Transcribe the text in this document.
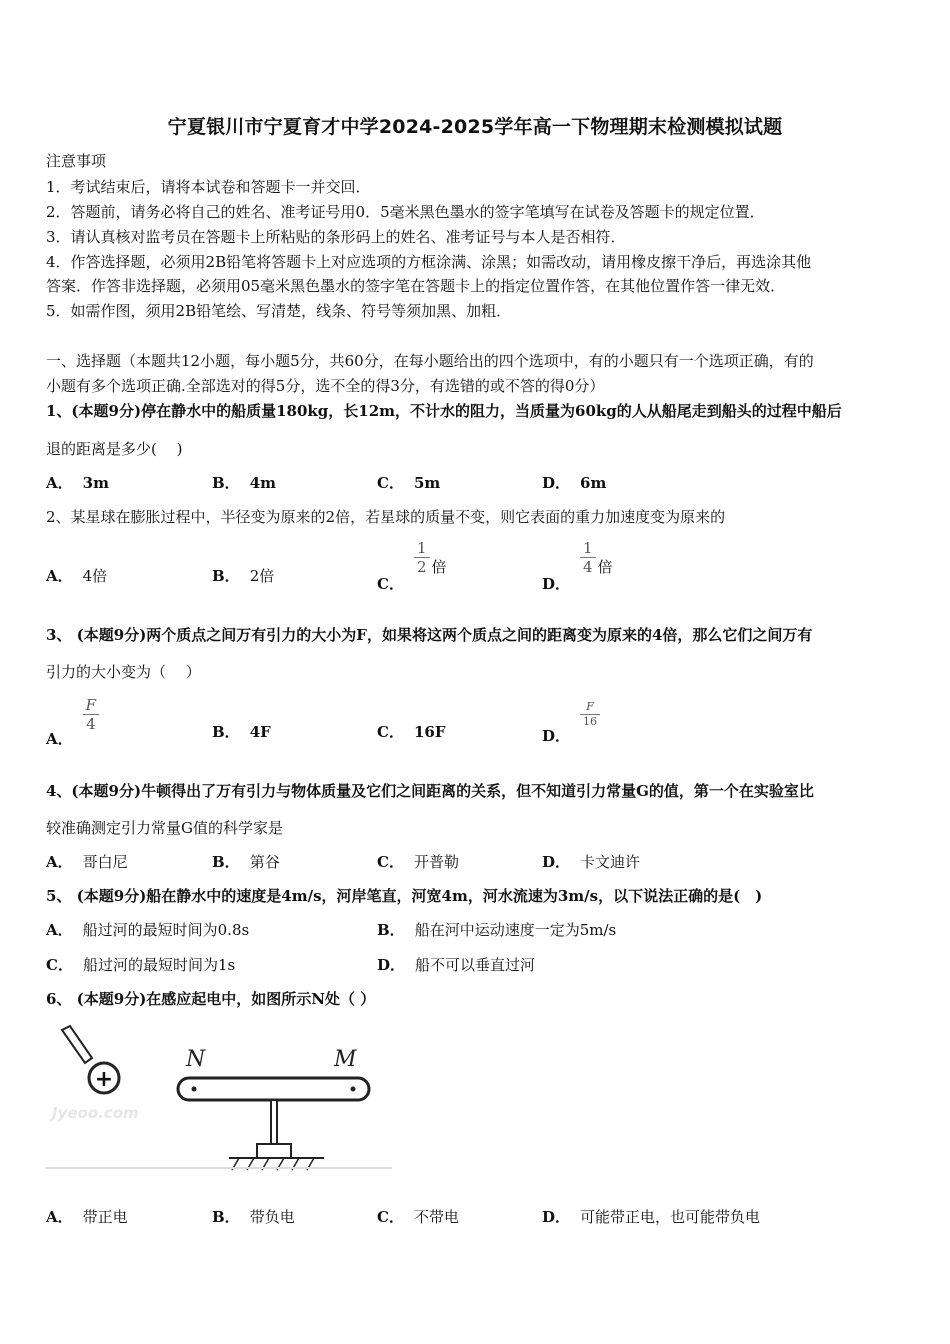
宁夏银川市宁夏育才中学2024-2025学年高一下物理期末检测模拟试题
注意事项
1．考试结束后，请将本试卷和答题卡一并交回．
2．答题前，请务必将自己的姓名、准考证号用0．5毫米黑色墨水的签字笔填写在试卷及答题卡的规定位置．
3．请认真核对监考员在答题卡上所粘贴的条形码上的姓名、准考证号与本人是否相符．
4．作答选择题，必须用2B铅笔将答题卡上对应选项的方框涂满、涂黑；如需改动，请用橡皮擦干净后，再选涂其他
答案．作答非选择题，必须用05毫米黑色墨水的签字笔在答题卡上的指定位置作答，在其他位置作答一律无效．
5．如需作图，须用2B铅笔绘、写清楚，线条、符号等须加黑、加粗．
一、选择题（本题共12小题，每小题5分，共60分，在每小题给出的四个选项中，有的小题只有一个选项正确，有的
小题有多个选项正确.全部选对的得5分，选不全的得3分，有选错的或不答的得0分）
1、(本题9分)停在静水中的船质量180kg，长12m，不计水的阻力，当质量为60kg的人从船尾走到船头的过程中船后
退的距离是多少(　 )
A． 3m	B． 4m	C． 5m	D． 6m
2、某星球在膨胀过程中，半径变为原来的2倍，若星球的质量不变，则它表面的重力加速度变为原来的
A． 4倍	B． 2倍	C．
$\frac{1}{2}$ 倍
D．
$\frac{1}{4}$ 倍
3、 (本题9分)两个质点之间万有引力的大小为F，如果将这两个质点之间的距离变为原来的4倍，那么它们之间万有
引力的大小变为（　 ）
A．
$\frac{F}{4}$	B． 4F	C． 16F	D．
$\frac{F}{16}$
4、(本题9分)牛顿得出了万有引力与物体质量及它们之间距离的关系，但不知道引力常量G的值，第一个在实验室比
较准确测定引力常量G值的科学家是
A． 哥白尼	B． 第谷	C． 开普勒	D． 卡文迪许
5、 (本题9分)船在静水中的速度是4m/s，河岸笔直，河宽4m，河水流速为3m/s，以下说法正确的是(　)
A． 船过河的最短时间为0.8s	B． 船在河中运动速度一定为5m/s
C． 船过河的最短时间为1s	D． 船不可以垂直过河
6、 (本题9分)在感应起电中，如图所示N处（ ）
Jyeoo.com
+
N	M
A． 带正电	B． 带负电	C． 不带电	D． 可能带正电，也可能带负电
